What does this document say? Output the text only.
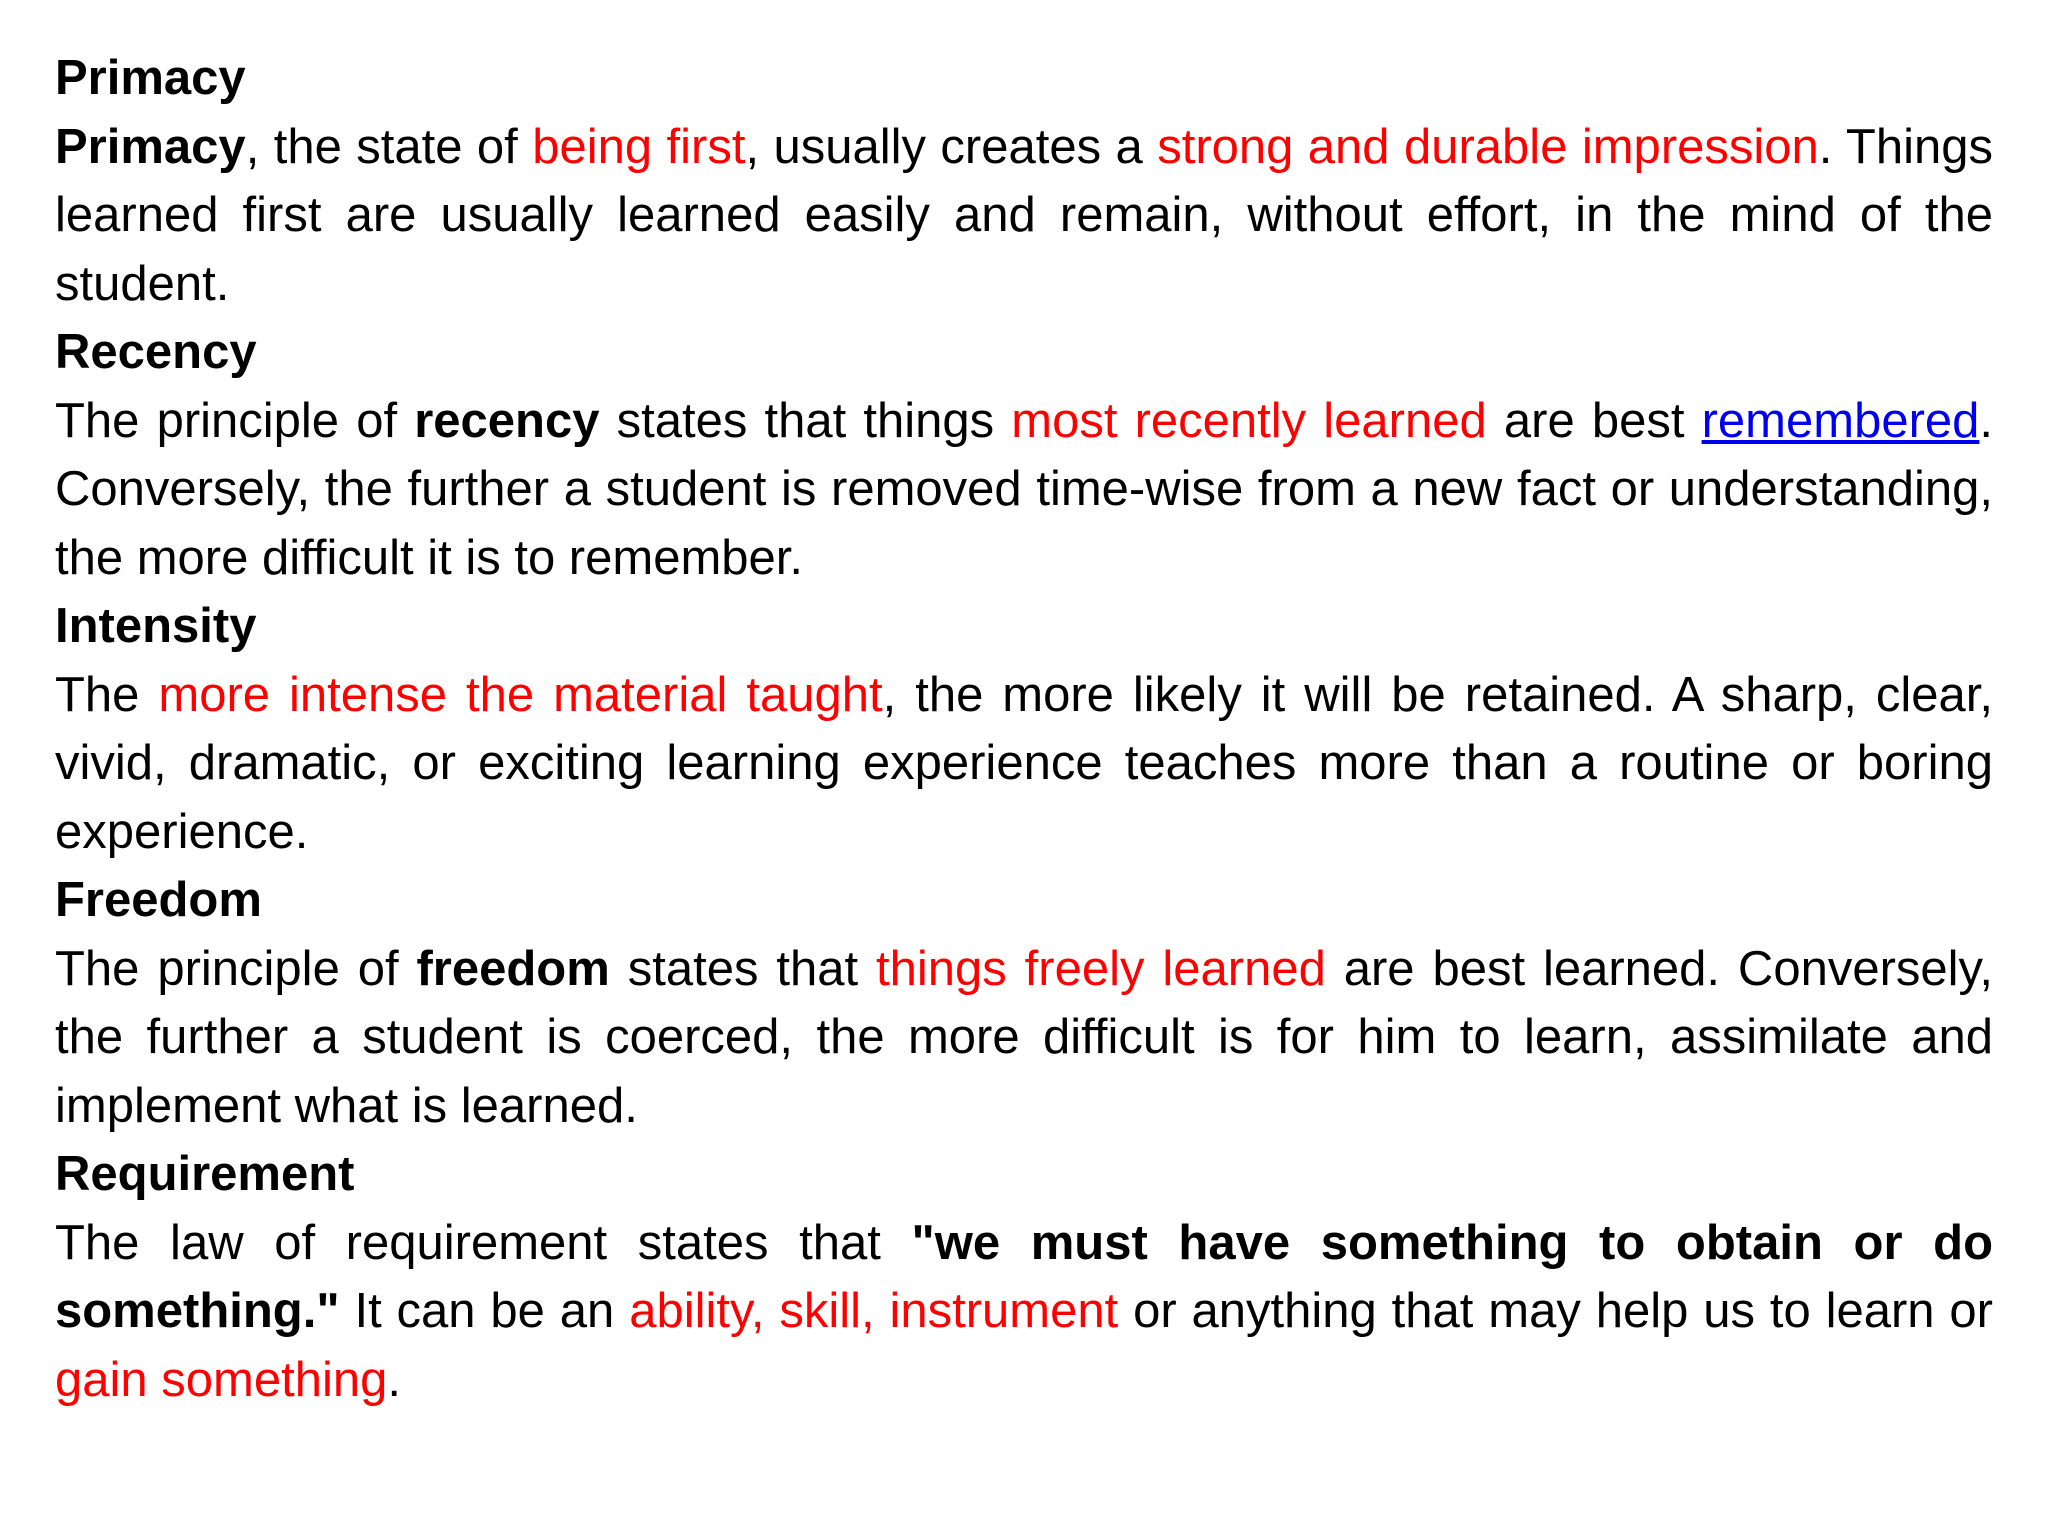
Primacy

Primacy, the state of being first, usually creates a strong and durable impression. Things learned first are usually learned easily and remain, without effort, in the mind of the student.

Recency

The principle of recency states that things most recently learned are best remembered. Conversely, the further a student is removed time-wise from a new fact or understanding, the more difficult it is to remember.

Intensity

The more intense the material taught, the more likely it will be retained. A sharp, clear, vivid, dramatic, or exciting learning experience teaches more than a routine or boring experience.

Freedom

The principle of freedom states that things freely learned are best learned. Conversely, the further a student is coerced, the more difficult is for him to learn, assimilate and implement what is learned.

Requirement

The law of requirement states that "we must have something to obtain or do something." It can be an ability, skill, instrument or anything that may help us to learn or gain something.
